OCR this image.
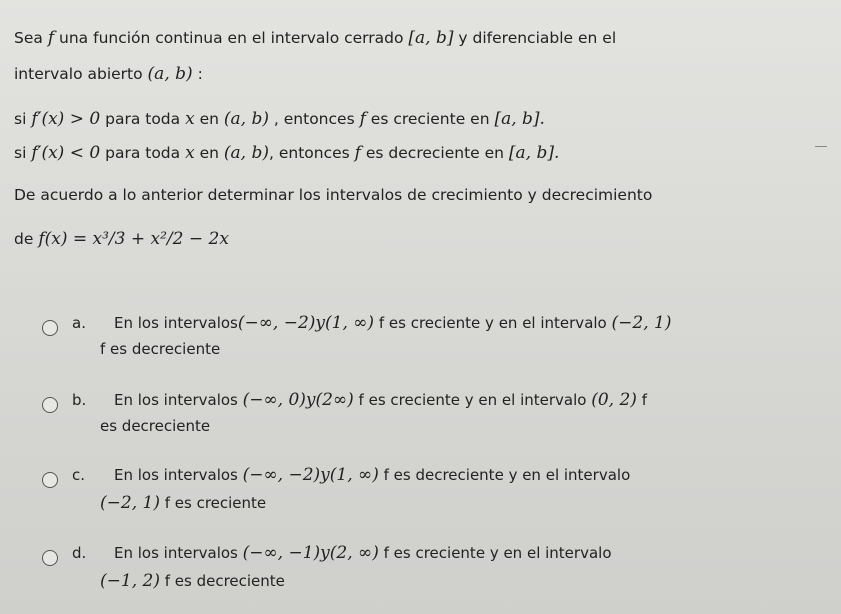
Sea f una función continua en el intervalo cerrado [a, b] y diferenciable en el
intervalo abierto (a, b) :
si f′(x) > 0 para toda x en (a, b) , entonces f es creciente en [a, b].
si f′(x) < 0 para toda x en (a, b), entonces f es decreciente en [a, b].
De acuerdo a lo anterior determinar los intervalos de crecimiento y decrecimiento
de f(x) = x³/3 + x²/2 − 2x
a. En los intervalos(−∞, −2)y(1, ∞) f es creciente y en el intervalo (−2, 1)
f es decreciente
b. En los intervalos (−∞, 0)y(2∞) f es creciente y en el intervalo (0, 2) f
es decreciente
c. En los intervalos (−∞, −2)y(1, ∞) f es decreciente y en el intervalo
(−2, 1) f es creciente
d. En los intervalos (−∞, −1)y(2, ∞) f es creciente y en el intervalo
(−1, 2) f es decreciente
